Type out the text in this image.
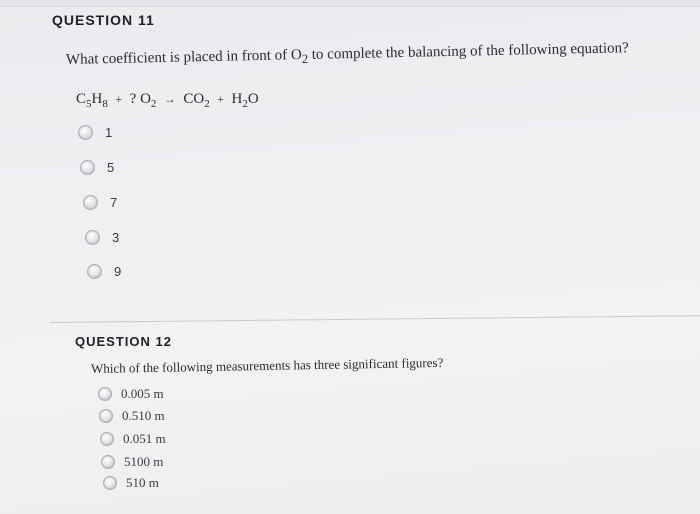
QUESTION 11
What coefficient is placed in front of $O_2$ to complete the balancing of the following equation?
$C_5H_8$ + ? $O_2 \to CO_2 + H_2O$
1
5
7
3
9
QUESTION 12
Which of the following measurements has three significant figures?
0.005 m
0.510 m
0.051 m
5100 m
510 m
